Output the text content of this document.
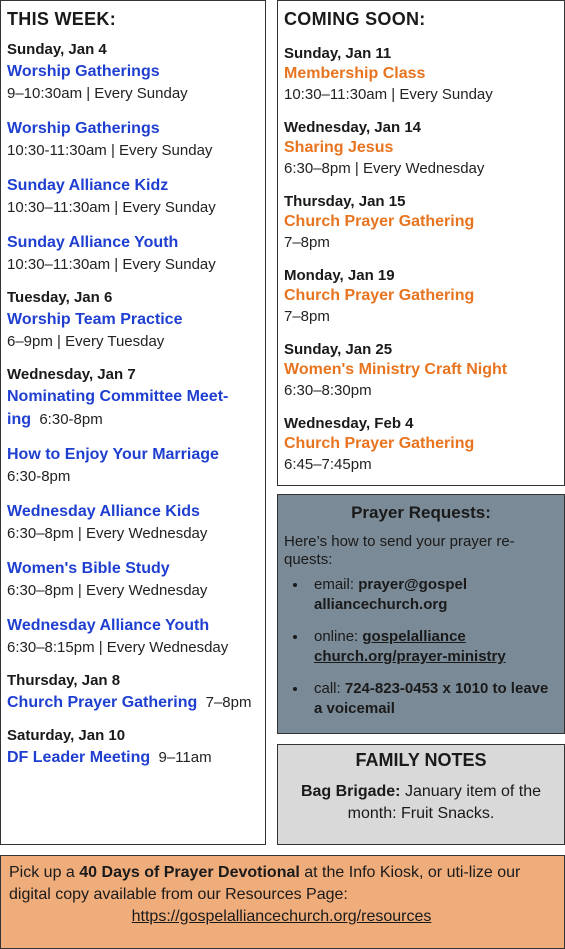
THIS WEEK:
Sunday, Jan 4
Worship Gatherings
9–10:30am | Every Sunday
Worship Gatherings
10:30-11:30am | Every Sunday
Sunday Alliance Kidz
10:30–11:30am | Every Sunday
Sunday Alliance Youth
10:30–11:30am | Every Sunday
Tuesday, Jan 6
Worship Team Practice
6–9pm | Every Tuesday
Wednesday, Jan 7
Nominating Committee Meet-ing 6:30-8pm
How to Enjoy Your Marriage
6:30-8pm
Wednesday Alliance Kids
6:30–8pm | Every Wednesday
Women's Bible Study
6:30–8pm | Every Wednesday
Wednesday Alliance Youth
6:30–8:15pm | Every Wednesday
Thursday, Jan 8
Church Prayer Gathering 7–8pm
Saturday, Jan 10
DF Leader Meeting 9–11am
COMING SOON:
Sunday, Jan 11
Membership Class
10:30–11:30am | Every Sunday
Wednesday, Jan 14
Sharing Jesus
6:30–8pm | Every Wednesday
Thursday, Jan 15
Church Prayer Gathering
7–8pm
Monday, Jan 19
Church Prayer Gathering
7–8pm
Sunday, Jan 25
Women's Ministry Craft Night
6:30–8:30pm
Wednesday, Feb 4
Church Prayer Gathering
6:45–7:45pm
Prayer Requests:
Here’s how to send your prayer re-quests:
• email: prayer@gospel alliancechurch.org
• online: gospelalliance church.org/prayer-ministry
• call: 724-823-0453 x 1010 to leave a voicemail
FAMILY NOTES
Bag Brigade: January item of the month: Fruit Snacks.
Pick up a 40 Days of Prayer Devotional at the Info Kiosk, or uti-lize our digital copy available from our Resources Page:
https://gospelalliancechurch.org/resources
